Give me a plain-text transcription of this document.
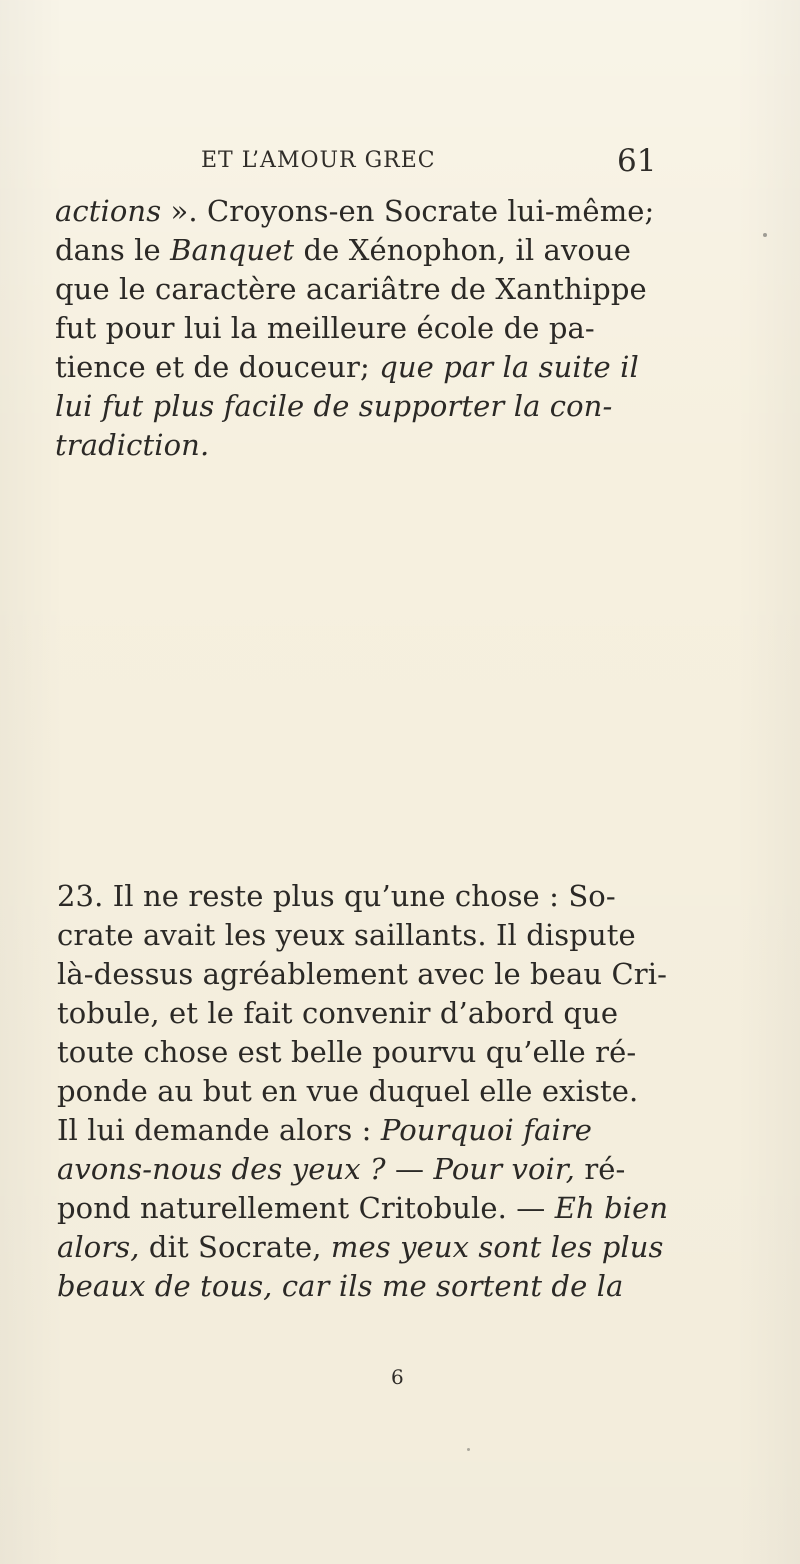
ET L’AMOUR GREC	61
actions ». Croyons-en Socrate lui-même;
dans le Banquet de Xénophon, il avoue
que le caractère acariâtre de Xanthippe
fut pour lui la meilleure école de pa-
tience et de douceur; que par la suite il
lui fut plus facile de supporter la con-
tradiction.
23. Il ne reste plus qu’une chose : So-
crate avait les yeux saillants. Il dispute
là-dessus agréablement avec le beau Cri-
tobule, et le fait convenir d’abord que
toute chose est belle pourvu qu’elle ré-
ponde au but en vue duquel elle existe.
Il lui demande alors : Pourquoi faire
avons-nous des yeux ? — Pour voir, ré-
pond naturellement Critobule. — Eh bien
alors, dit Socrate, mes yeux sont les plus
beaux de tous, car ils me sortent de la
6
